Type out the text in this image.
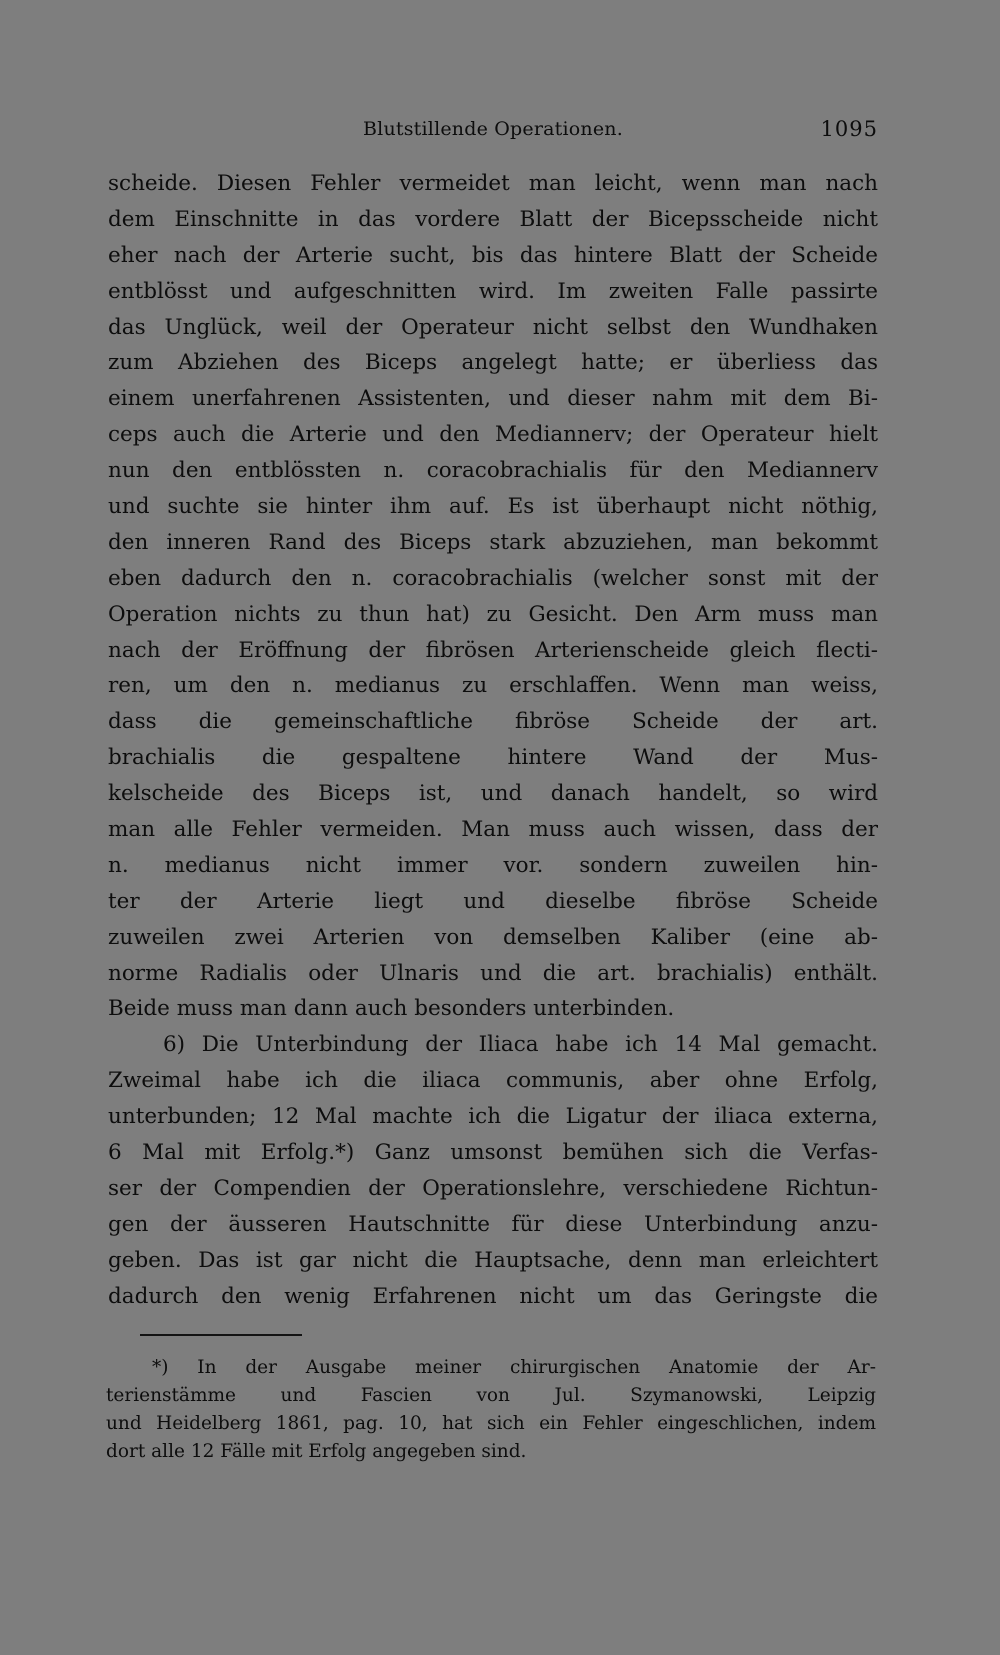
Blutstillende Operationen.	1095
scheide. Diesen Fehler vermeidet man leicht, wenn man nach
dem Einschnitte in das vordere Blatt der Bicepsscheide nicht
eher nach der Arterie sucht, bis das hintere Blatt der Scheide
entblösst und aufgeschnitten wird. Im zweiten Falle passirte
das Unglück, weil der Operateur nicht selbst den Wundhaken
zum Abziehen des Biceps angelegt hatte; er überliess das
einem unerfahrenen Assistenten, und dieser nahm mit dem Bi-
ceps auch die Arterie und den Mediannerv; der Operateur hielt
nun den entblössten n. coracobrachialis für den Mediannerv
und suchte sie hinter ihm auf. Es ist überhaupt nicht nöthig,
den inneren Rand des Biceps stark abzuziehen, man bekommt
eben dadurch den n. coracobrachialis (welcher sonst mit der
Operation nichts zu thun hat) zu Gesicht. Den Arm muss man
nach der Eröffnung der fibrösen Arterienscheide gleich flecti-
ren, um den n. medianus zu erschlaffen. Wenn man weiss,
dass die gemeinschaftliche fibröse Scheide der art.
brachialis die gespaltene hintere Wand der Mus-
kelscheide des Biceps ist, und danach handelt, so wird
man alle Fehler vermeiden. Man muss auch wissen, dass der
n. medianus nicht immer vor. sondern zuweilen hin-
ter der Arterie liegt und dieselbe fibröse Scheide
zuweilen zwei Arterien von demselben Kaliber (eine ab-
norme Radialis oder Ulnaris und die art. brachialis) enthält.
Beide muss man dann auch besonders unterbinden.
6) Die Unterbindung der Iliaca habe ich 14 Mal gemacht.
Zweimal habe ich die iliaca communis, aber ohne Erfolg,
unterbunden; 12 Mal machte ich die Ligatur der iliaca externa,
6 Mal mit Erfolg.*) Ganz umsonst bemühen sich die Verfas-
ser der Compendien der Operationslehre, verschiedene Richtun-
gen der äusseren Hautschnitte für diese Unterbindung anzu-
geben. Das ist gar nicht die Hauptsache, denn man erleichtert
dadurch den wenig Erfahrenen nicht um das Geringste die
*) In der Ausgabe meiner chirurgischen Anatomie der Ar-
terienstämme und Fascien von Jul. Szymanowski, Leipzig
und Heidelberg 1861, pag. 10, hat sich ein Fehler eingeschlichen, indem
dort alle 12 Fälle mit Erfolg angegeben sind.
